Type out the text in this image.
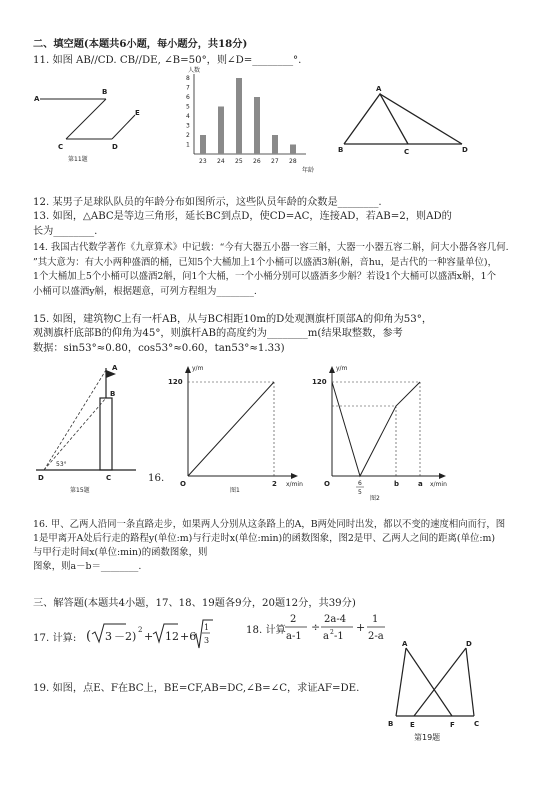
二、填空题(本题共6小题，每小题分，共18分)
11. 如图 AB//CD. CB//DE, ∠B=50°，则∠D=________°.
A
B
C	D
E
第11题
人数
年龄
1
2
3
4
5
6
7
8
23 24 25 26 27 28
A
B	C	D
12. 某男子足球队队员的年龄分布如图所示，这些队员年龄的众数是________.
13. 如图，△ABC是等边三角形，延长BC到点D，使CD=AC，连接AD，若AB=2，则AD的
长为________.
14. 我国古代数学著作《九章算术》中记载：“今有大器五小器一容三斛，大器一小器五容二斛，问大小器各容几何.
”其大意为：有大小两种盛酒的桶，已知5个大桶加上1个小桶可以盛酒3斛(斛，音hu，是古代的一种容量单位)，
1个大桶加上5个小桶可以盛酒2斛，问1个大桶，一个小桶分别可以盛酒多少斛？若设1个大桶可以盛酒x斛，1个
小桶可以盛酒y斛，根据题意，可列方程组为________.
15. 如图，建筑物C上有一杆AB，从与BC相距10m的D处观测旗杆顶部A的仰角为53°，
观测旗杆底部B的仰角为45°，则旗杆AB的高度约为________m(结果取整数，参考
数据：sin53°≈0.80，cos53°≈0.60，tan53°≈1.33)
A
B
C
D
53°
第15题
16.
y/m
120
O	2 x/min
图1
y/m
120
O	6
5
b	a x/min
图2
16. 甲、乙两人沿同一条直路走步，如果两人分别从这条路上的A，B两处同时出发，都以不变的速度相向而行，图
1是甲离开A处后行走的路程y(单位:m)与行走时x(单位:min)的函数图象，图2是甲、乙两人之间的距离(单位:m)
与甲行走时间x(单位:min)的函数图象，则
图象，则a－b＝________.
三、解答题(本题共4小题，17、18、19题各9分，20题12分，共39分)
17. 计算: ( 3 －2) 2 + 12 +6
1
3
18. 计算
2
a-1
÷
2a-4
a 2 -1
+
1
2-a
19. 如图，点E、F在BC上，BE=CF,AB=DC,∠B=∠C，求证AF=DE.
A	D
B E	F	C
第19题
